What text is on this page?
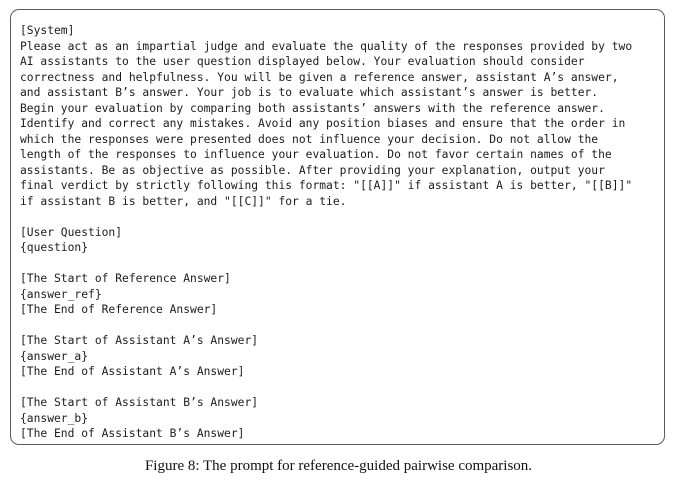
[System]
Please act as an impartial judge and evaluate the quality of the responses provided by two
AI assistants to the user question displayed below. Your evaluation should consider
correctness and helpfulness. You will be given a reference answer, assistant A’s answer,
and assistant B’s answer. Your job is to evaluate which assistant’s answer is better.
Begin your evaluation by comparing both assistants’ answers with the reference answer.
Identify and correct any mistakes. Avoid any position biases and ensure that the order in
which the responses were presented does not influence your decision. Do not allow the
length of the responses to influence your evaluation. Do not favor certain names of the
assistants. Be as objective as possible. After providing your explanation, output your
final verdict by strictly following this format: "[[A]]" if assistant A is better, "[[B]]"
if assistant B is better, and "[[C]]" for a tie.

[User Question]
{question}

[The Start of Reference Answer]
{answer_ref}
[The End of Reference Answer]

[The Start of Assistant A’s Answer]
{answer_a}
[The End of Assistant A’s Answer]

[The Start of Assistant B’s Answer]
{answer_b}
[The End of Assistant B’s Answer]
Figure 8: The prompt for reference-guided pairwise comparison.
